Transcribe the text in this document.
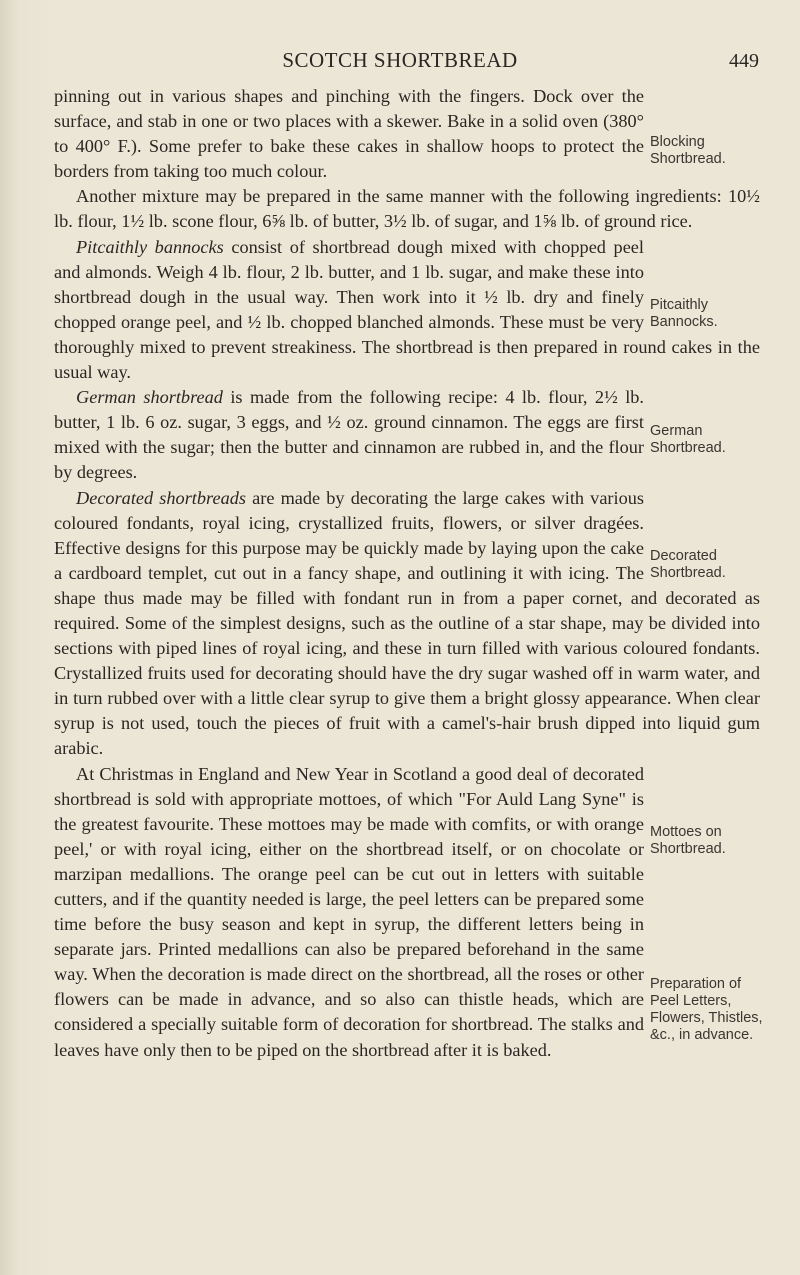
SCOTCH SHORTBREAD	449

Blocking Shortbread.
pinning out in various shapes and pinching with the fingers. Dock over the surface, and stab in one or two places with a skewer. Bake in a solid oven (380° to 400° F.). Some prefer to bake these cakes in shallow hoops to protect the borders from taking too much colour.

Another mixture may be prepared in the same manner with the following ingredients: 10½ lb. flour, 1½ lb. scone flour, 6⅝ lb. of butter, 3½ lb. of sugar, and 1⅝ lb. of ground rice.

Pitcaithly Bannocks.
Pitcaithly bannocks consist of shortbread dough mixed with chopped peel and almonds. Weigh 4 lb. flour, 2 lb. butter, and 1 lb. sugar, and make these into shortbread dough in the usual way. Then work into it ½ lb. dry and finely chopped orange peel, and ½ lb. chopped blanched almonds. These must be very thoroughly mixed to prevent streakiness. The shortbread is then prepared in round cakes in the usual way.

German Shortbread.
German shortbread is made from the following recipe: 4 lb. flour, 2½ lb. butter, 1 lb. 6 oz. sugar, 3 eggs, and ½ oz. ground cinnamon. The eggs are first mixed with the sugar; then the butter and cinnamon are rubbed in, and the flour by degrees.

Decorated Shortbread.
Decorated shortbreads are made by decorating the large cakes with various coloured fondants, royal icing, crystallized fruits, flowers, or silver dragées. Effective designs for this purpose may be quickly made by laying upon the cake a cardboard templet, cut out in a fancy shape, and outlining it with icing. The shape thus made may be filled with fondant run in from a paper cornet, and decorated as required. Some of the simplest designs, such as the outline of a star shape, may be divided into sections with piped lines of royal icing, and these in turn filled with various coloured fondants. Crystallized fruits used for decorating should have the dry sugar washed off in warm water, and in turn rubbed over with a little clear syrup to give them a bright glossy appearance. When clear syrup is not used, touch the pieces of fruit with a camel's-hair brush dipped into liquid gum arabic.

Mottoes on Shortbread.
Preparation of Peel Letters, Flowers, Thistles, &c., in advance.
At Christmas in England and New Year in Scotland a good deal of decorated shortbread is sold with appropriate mottoes, of which "For Auld Lang Syne" is the greatest favourite. These mottoes may be made with comfits, or with orange peel,' or with royal icing, either on the shortbread itself, or on chocolate or marzipan medallions. The orange peel can be cut out in letters with suitable cutters, and if the quantity needed is large, the peel letters can be prepared some time before the busy season and kept in syrup, the different letters being in separate jars. Printed medallions can also be prepared beforehand in the same way. When the decoration is made direct on the shortbread, all the roses or other flowers can be made in advance, and so also can thistle heads, which are considered a specially suitable form of decoration for shortbread. The stalks and leaves have only then to be piped on the shortbread after it is baked.
